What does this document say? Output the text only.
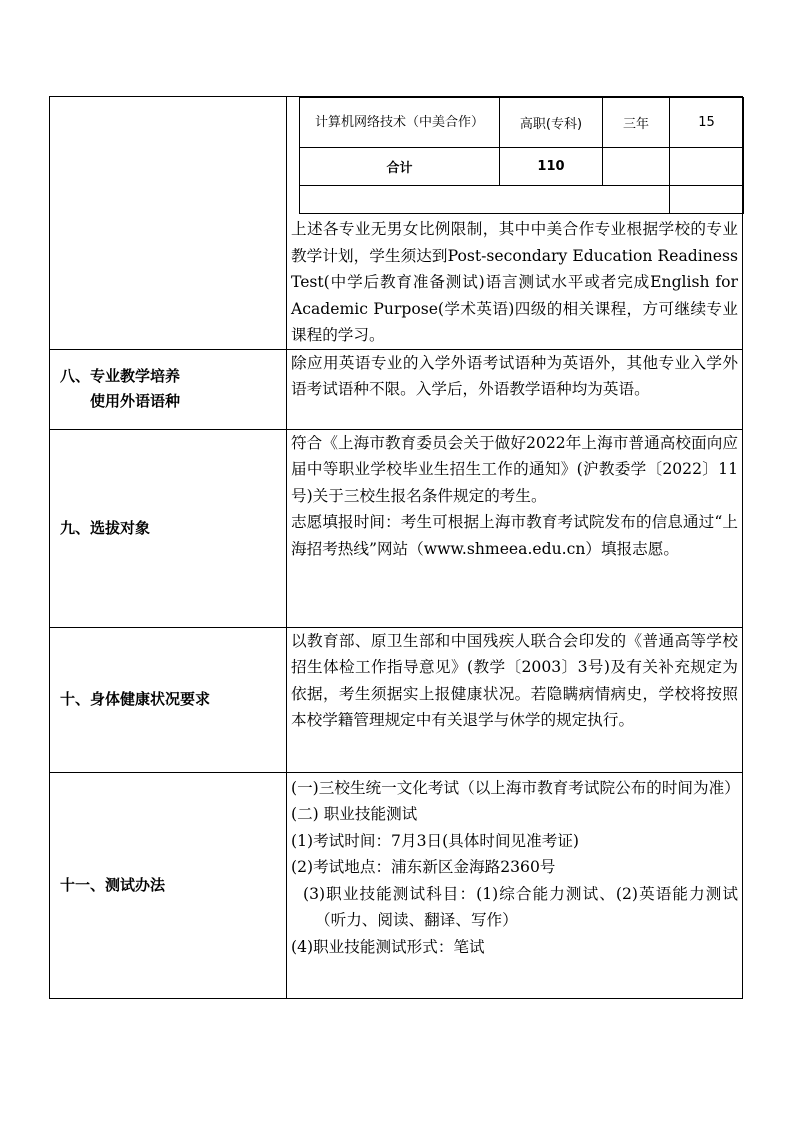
计算机网络技术（中美合作）	高职(专科)	三年	15
合计	110		

上述各专业无男女比例限制，其中中美合作专业根据学校的专业教学计划，学生须达到Post-secondary Education Readiness Test(中学后教育准备测试)语言测试水平或者完成English for Academic Purpose(学术英语)四级的相关课程，方可继续专业课程的学习。

八、专业教学培养
使用外语语种

除应用英语专业的入学外语考试语种为英语外，其他专业入学外语考试语种不限。入学后，外语教学语种均为英语。

九、选拔对象

符合《上海市教育委员会关于做好2022年上海市普通高校面向应届中等职业学校毕业生招生工作的通知》(沪教委学〔2022〕11号)关于三校生报名条件规定的考生。

志愿填报时间：考生可根据上海市教育考试院发布的信息通过“上海招考热线”网站（www.shmeea.edu.cn）填报志愿。

十、身体健康状况要求

以教育部、原卫生部和中国残疾人联合会印发的《普通高等学校招生体检工作指导意见》(教学〔2003〕3号)及有关补充规定为依据，考生须据实上报健康状况。若隐瞒病情病史，学校将按照本校学籍管理规定中有关退学与休学的规定执行。

十一、测试办法

(一)三校生统一文化考试（以上海市教育考试院公布的时间为准）

(二) 职业技能测试

(1)考试时间：7月3日(具体时间见准考证)

(2)考试地点：浦东新区金海路2360号

(3)职业技能测试科目：(1)综合能力测试、(2)英语能力测试（听力、阅读、翻译、写作）

(4)职业技能测试形式：笔试
